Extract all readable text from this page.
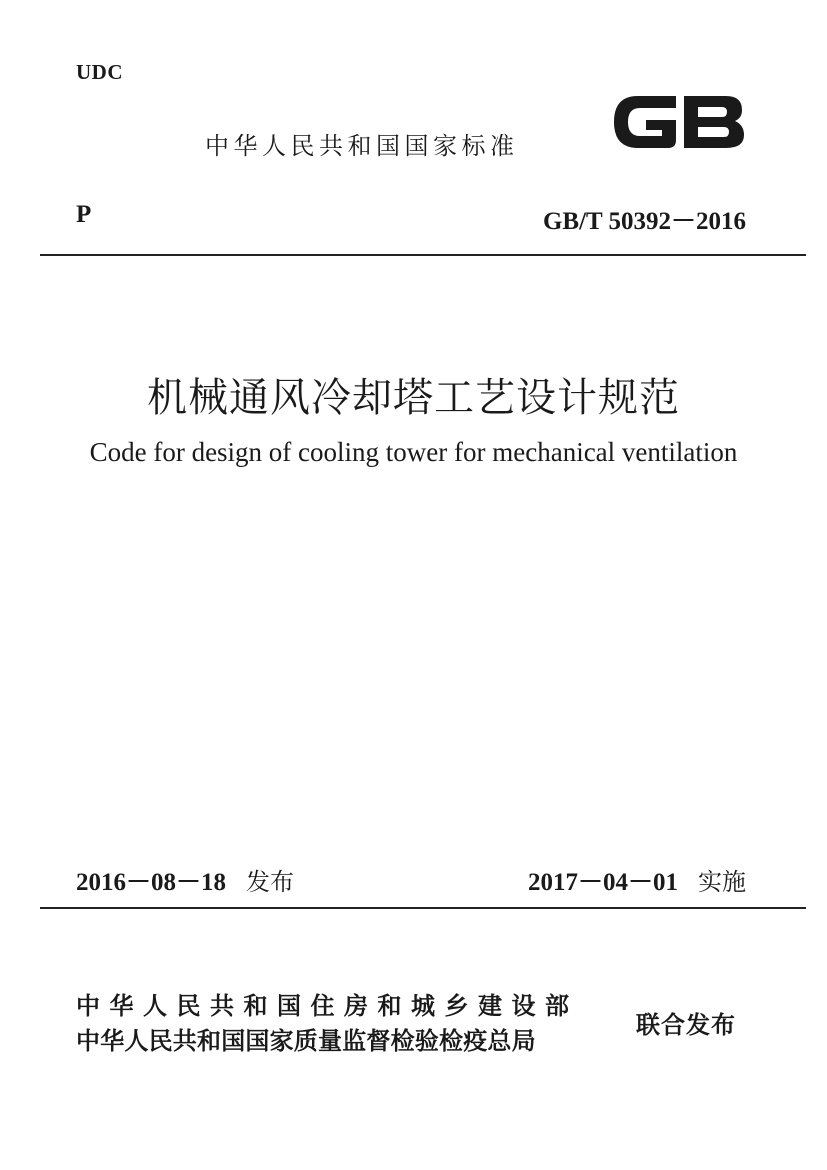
UDC
中华人民共和国国家标准
P	GB/T 50392－2016
机械通风冷却塔工艺设计规范
Code for design of cooling tower for mechanical ventilation
2016－08－18 发布	2017－04－01 实施
中华人民共和国住房和城乡建设部
中华人民共和国国家质量监督检验检疫总局
联合发布
